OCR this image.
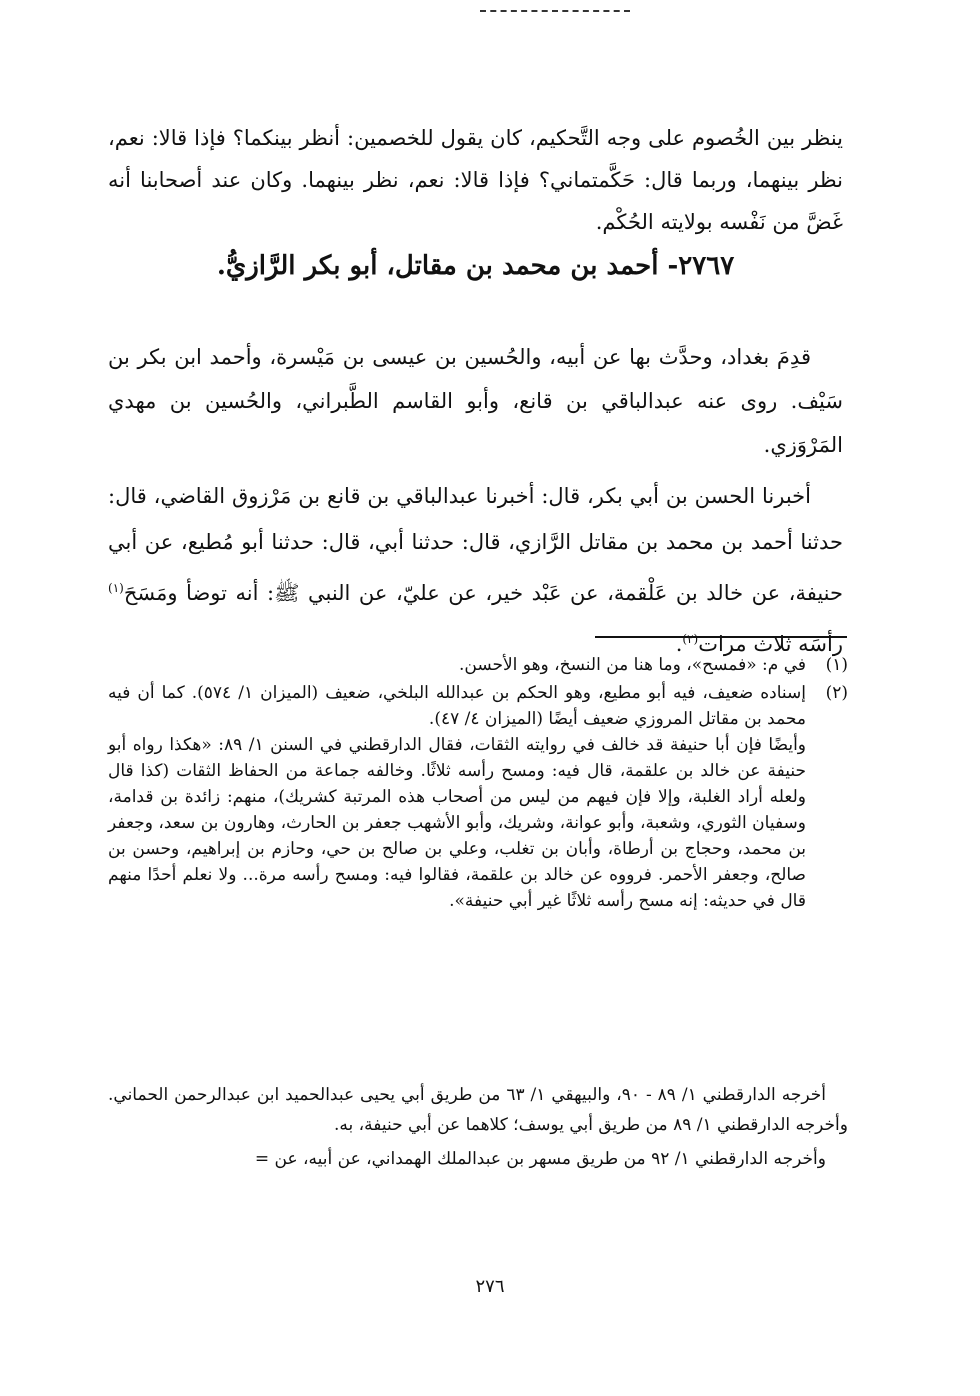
ينظر بين الخُصوم على وجه التَّحكيم، كان يقول للخصمين: أنظر بينكما؟ فإذا قالا: نعم، نظر بينهما، وربما قال: حَكَّمتماني؟ فإذا قالا: نعم، نظر بينهما. وكان عند أصحابنا أنه غَضَّ من نَفْسه بولايته الحُكْم.

٢٧٦٧- أحمد بن محمد بن مقاتل، أبو بكر الرَّازيُّ.

قدِمَ بغداد، وحدَّث بها عن أبيه، والحُسين بن عيسى بن مَيْسرة، وأحمد ابن بكر بن سَيْف. روى عنه عبدالباقي بن قانع، وأبو القاسم الطَّبراني، والحُسين بن مهدي المَرْوَزي.

أخبرنا الحسن بن أبي بكر، قال: أخبرنا عبدالباقي بن قانع بن مَرْزوق القاضي، قال: حدثنا أحمد بن محمد بن مقاتل الرَّازي، قال: حدثنا أبي، قال: حدثنا أبو مُطيع، عن أبي حنيفة، عن خالد بن عَلْقمة، عن عَبْد خير، عن عليّ، عن النبي ﷺ: أنه توضأ ومَسَحَ$^{(١)}$ رأسَه ثلاث مرات$^{(٢)}$.

(١)

في م: «فمسح»، وما هنا من النسخ، وهو الأحسن.

(٢)

إسناده ضعيف، فيه أبو مطيع، وهو الحكم بن عبدالله البلخي، ضعيف (الميزان ١/ ٥٧٤). كما أن فيه محمد بن مقاتل المروزي ضعيف أيضًا (الميزان ٤/ ٤٧).

وأيضًا فإن أبا حنيفة قد خالف في روايته الثقات، فقال الدارقطني في السنن ١/ ٨٩: «هكذا رواه أبو حنيفة عن خالد بن علقمة، قال فيه: ومسح رأسه ثلاثًا. وخالفه جماعة من الحفاظ الثقات (كذا قال ولعله أراد الغلبة، وإلا فإن فيهم من ليس من أصحاب هذه المرتبة كشريك)، منهم: زائدة بن قدامة، وسفيان الثوري، وشعبة، وأبو عوانة، وشريك، وأبو الأشهب جعفر بن الحارث، وهارون بن سعد، وجعفر بن محمد، وحجاج بن أرطاة، وأبان بن تغلب، وعلي بن صالح بن حي، وحازم بن إبراهيم، وحسن بن صالح، وجعفر الأحمر. فرووه عن خالد بن علقمة، فقالوا فيه: ومسح رأسه مرة... ولا نعلم أحدًا منهم قال في حديثه: إنه مسح رأسه ثلاثًا غير أبي حنيفة».

أخرجه الدارقطني ١/ ٨٩ - ٩٠، والبيهقي ١/ ٦٣ من طريق أبي يحيى عبدالحميد ابن عبدالرحمن الحماني. وأخرجه الدارقطني ١/ ٨٩ من طريق أبي يوسف؛ كلاهما عن أبي حنيفة، به.

وأخرجه الدارقطني ١/ ٩٢ من طريق مسهر بن عبدالملك الهمداني، عن أبيه، عن =

٢٧٦
